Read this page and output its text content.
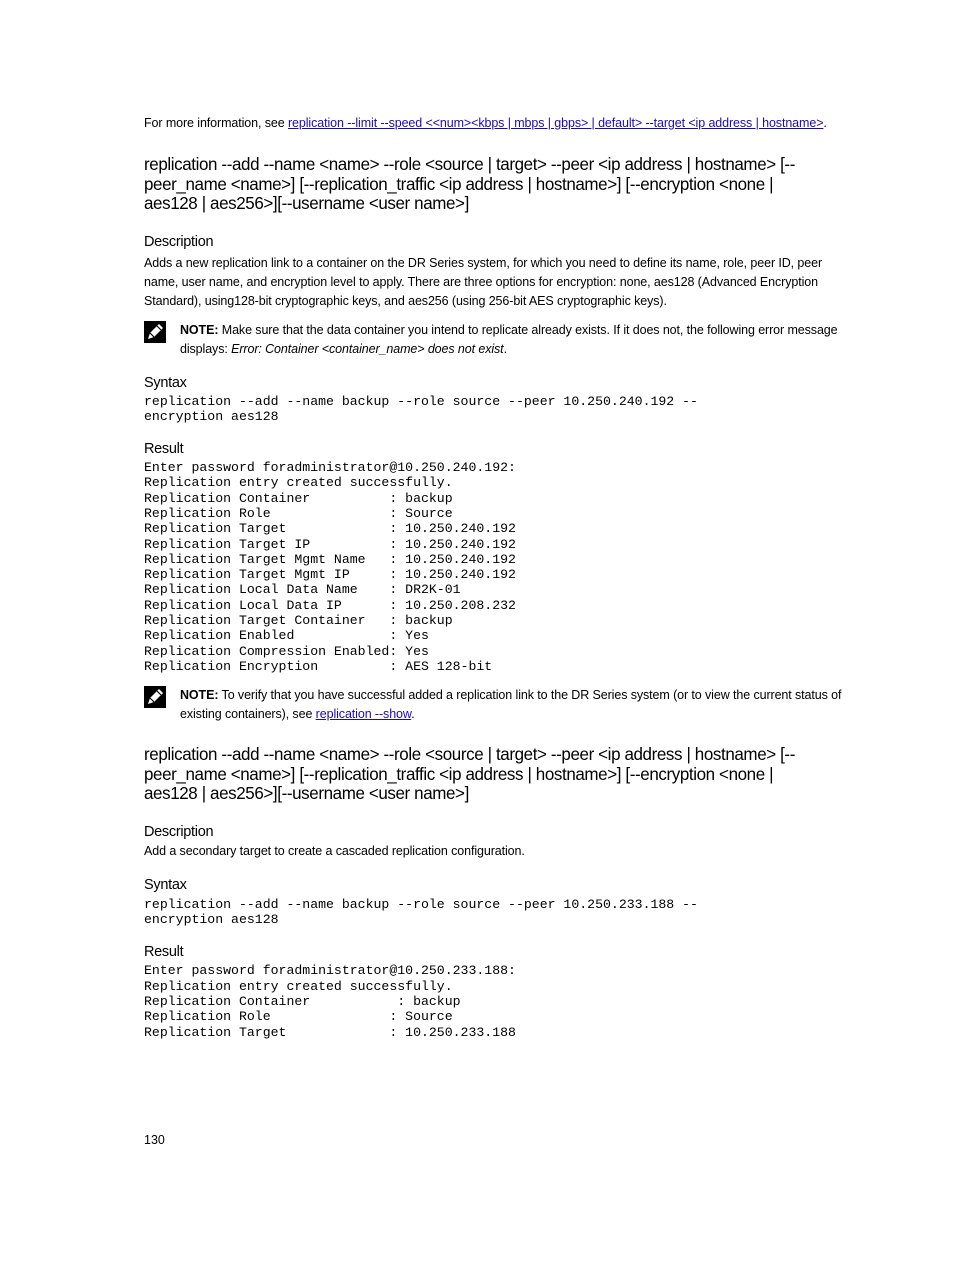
For more information, see replication --limit --speed <<num><kbps | mbps | gbps> | default> --target <ip address | hostname>.
replication --add --name <name> --role <source | target> --peer <ip address | hostname> [--peer_name <name>] [--replication_traffic <ip address | hostname>] [--encryption <none | aes128 | aes256>][--username <user name>]
Description
Adds a new replication link to a container on the DR Series system, for which you need to define its name, role, peer ID, peer name, user name, and encryption level to apply. There are three options for encryption: none, aes128 (Advanced Encryption Standard), using128-bit cryptographic keys, and aes256 (using 256-bit AES cryptographic keys).
NOTE: Make sure that the data container you intend to replicate already exists. If it does not, the following error message displays: Error: Container <container_name> does not exist.
Syntax
replication --add --name backup --role source --peer 10.250.240.192 --
encryption aes128
Result
Enter password foradministrator@10.250.240.192:
Replication entry created successfully.
Replication Container          : backup
Replication Role               : Source
Replication Target             : 10.250.240.192
Replication Target IP          : 10.250.240.192
Replication Target Mgmt Name   : 10.250.240.192
Replication Target Mgmt IP     : 10.250.240.192
Replication Local Data Name    : DR2K-01
Replication Local Data IP      : 10.250.208.232
Replication Target Container   : backup
Replication Enabled            : Yes
Replication Compression Enabled: Yes
Replication Encryption         : AES 128-bit
NOTE: To verify that you have successful added a replication link to the DR Series system (or to view the current status of existing containers), see replication --show.
replication --add --name <name> --role <source | target> --peer <ip address | hostname> [--peer_name <name>] [--replication_traffic <ip address | hostname>] [--encryption <none | aes128 | aes256>][--username <user name>]
Description
Add a secondary target to create a cascaded replication configuration.
Syntax
replication --add --name backup --role source --peer 10.250.233.188 --
encryption aes128
Result
Enter password foradministrator@10.250.233.188:
Replication entry created successfully.
Replication Container           : backup
Replication Role               : Source
Replication Target             : 10.250.233.188
130
